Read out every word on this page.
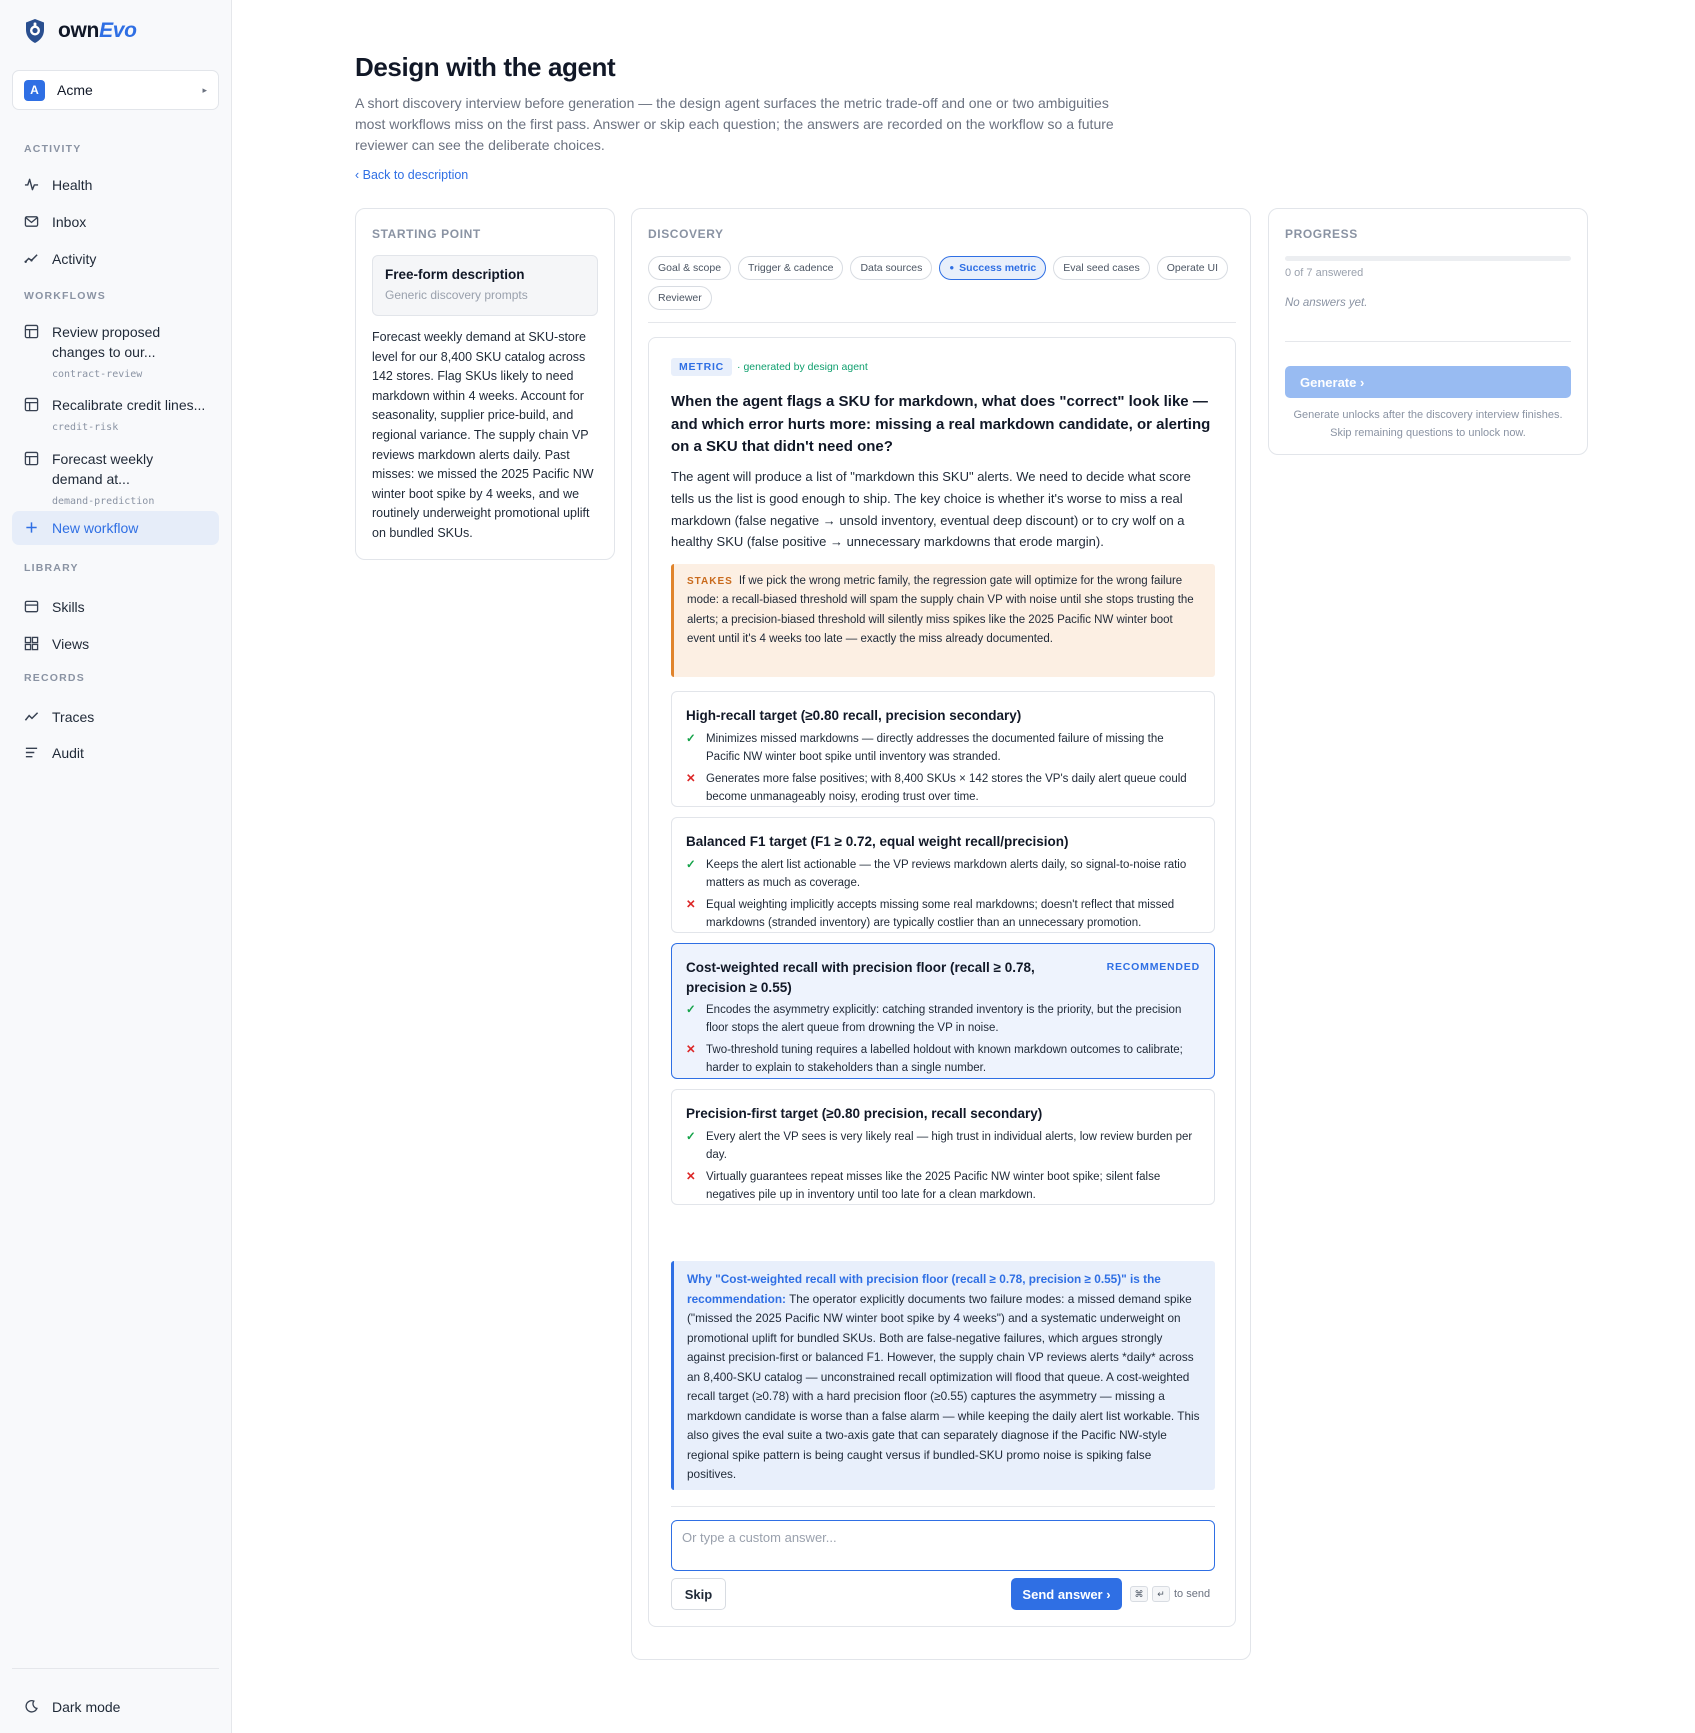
ownEvo
A	Acme	▸
ACTIVITY
Health
Inbox
Activity
WORKFLOWS
Review proposed changes to our...
contract-review
Recalibrate credit lines...
credit-risk
Forecast weekly demand at...
demand-prediction
New workflow
LIBRARY
Skills
Views
RECORDS
Traces
Audit
Dark mode
Design with the agent

A short discovery interview before generation — the design agent surfaces the metric trade-off and one or two ambiguities most workflows miss on the first pass. Answer or skip each question; the answers are recorded on the workflow so a future reviewer can see the deliberate choices.

‹ Back to description
STARTING POINT
Free-form description
Generic discovery prompts
Forecast weekly demand at SKU-store level for our 8,400 SKU catalog across 142 stores. Flag SKUs likely to need markdown within 4 weeks. Account for seasonality, supplier price-build, and regional variance. The supply chain VP reviews markdown alerts daily. Past misses: we missed the 2025 Pacific NW winter boot spike by 4 weeks, and we routinely underweight promotional uplift on bundled SKUs.
DISCOVERY
Goal & scope	Trigger & cadence	Data sources
●	Success metric	Eval seed cases	Operate UI
Reviewer
METRIC	· generated by design agent
When the agent flags a SKU for markdown, what does "correct" look like — and which error hurts more: missing a real markdown candidate, or alerting on a SKU that didn't need one?

The agent will produce a list of "markdown this SKU" alerts. We need to decide what score tells us the list is good enough to ship. The key choice is whether it's worse to miss a real markdown (false negative → unsold inventory, eventual deep discount) or to cry wolf on a healthy SKU (false positive → unnecessary markdowns that erode margin).

STAKES If we pick the wrong metric family, the regression gate will optimize for the wrong failure mode: a recall-biased threshold will spam the supply chain VP with noise until she stops trusting the alerts; a precision-biased threshold will silently miss spikes like the 2025 Pacific NW winter boot event until it's 4 weeks too late — exactly the miss already documented.
High-recall target (≥0.80 recall, precision secondary)
✓ Minimizes missed markdowns — directly addresses the documented failure of missing the Pacific NW winter boot spike until inventory was stranded.
✕ Generates more false positives; with 8,400 SKUs × 142 stores the VP's daily alert queue could become unmanageably noisy, eroding trust over time.
Balanced F1 target (F1 ≥ 0.72, equal weight recall/precision)
✓ Keeps the alert list actionable — the VP reviews markdown alerts daily, so signal-to-noise ratio matters as much as coverage.
✕ Equal weighting implicitly accepts missing some real markdowns; doesn't reflect that missed markdowns (stranded inventory) are typically costlier than an unnecessary promotion.
Cost-weighted recall with precision floor (recall ≥ 0.78, precision ≥ 0.55)
RECOMMENDED
✓ Encodes the asymmetry explicitly: catching stranded inventory is the priority, but the precision floor stops the alert queue from drowning the VP in noise.
✕ Two-threshold tuning requires a labelled holdout with known markdown outcomes to calibrate; harder to explain to stakeholders than a single number.
Precision-first target (≥0.80 precision, recall secondary)
✓ Every alert the VP sees is very likely real — high trust in individual alerts, low review burden per day.
✕ Virtually guarantees repeat misses like the 2025 Pacific NW winter boot spike; silent false negatives pile up in inventory until too late for a clean markdown.
Why "Cost-weighted recall with precision floor (recall ≥ 0.78, precision ≥ 0.55)" is the recommendation: The operator explicitly documents two failure modes: a missed demand spike ("missed the 2025 Pacific NW winter boot spike by 4 weeks") and a systematic underweight on promotional uplift for bundled SKUs. Both are false-negative failures, which argues strongly against precision-first or balanced F1. However, the supply chain VP reviews alerts *daily* across an 8,400-SKU catalog — unconstrained recall optimization will flood that queue. A cost-weighted recall target (≥0.78) with a hard precision floor (≥0.55) captures the asymmetry — missing a markdown candidate is worse than a false alarm — while keeping the daily alert list workable. This also gives the eval suite a two-axis gate that can separately diagnose if the Pacific NW-style regional spike pattern is being caught versus if bundled-SKU promo noise is spiking false positives.
Or type a custom answer...
Skip	Send answer ›	⌘	↵ to send
PROGRESS
0 of 7 answered
No answers yet.
Generate ›
Generate unlocks after the discovery interview finishes. Skip remaining questions to unlock now.
